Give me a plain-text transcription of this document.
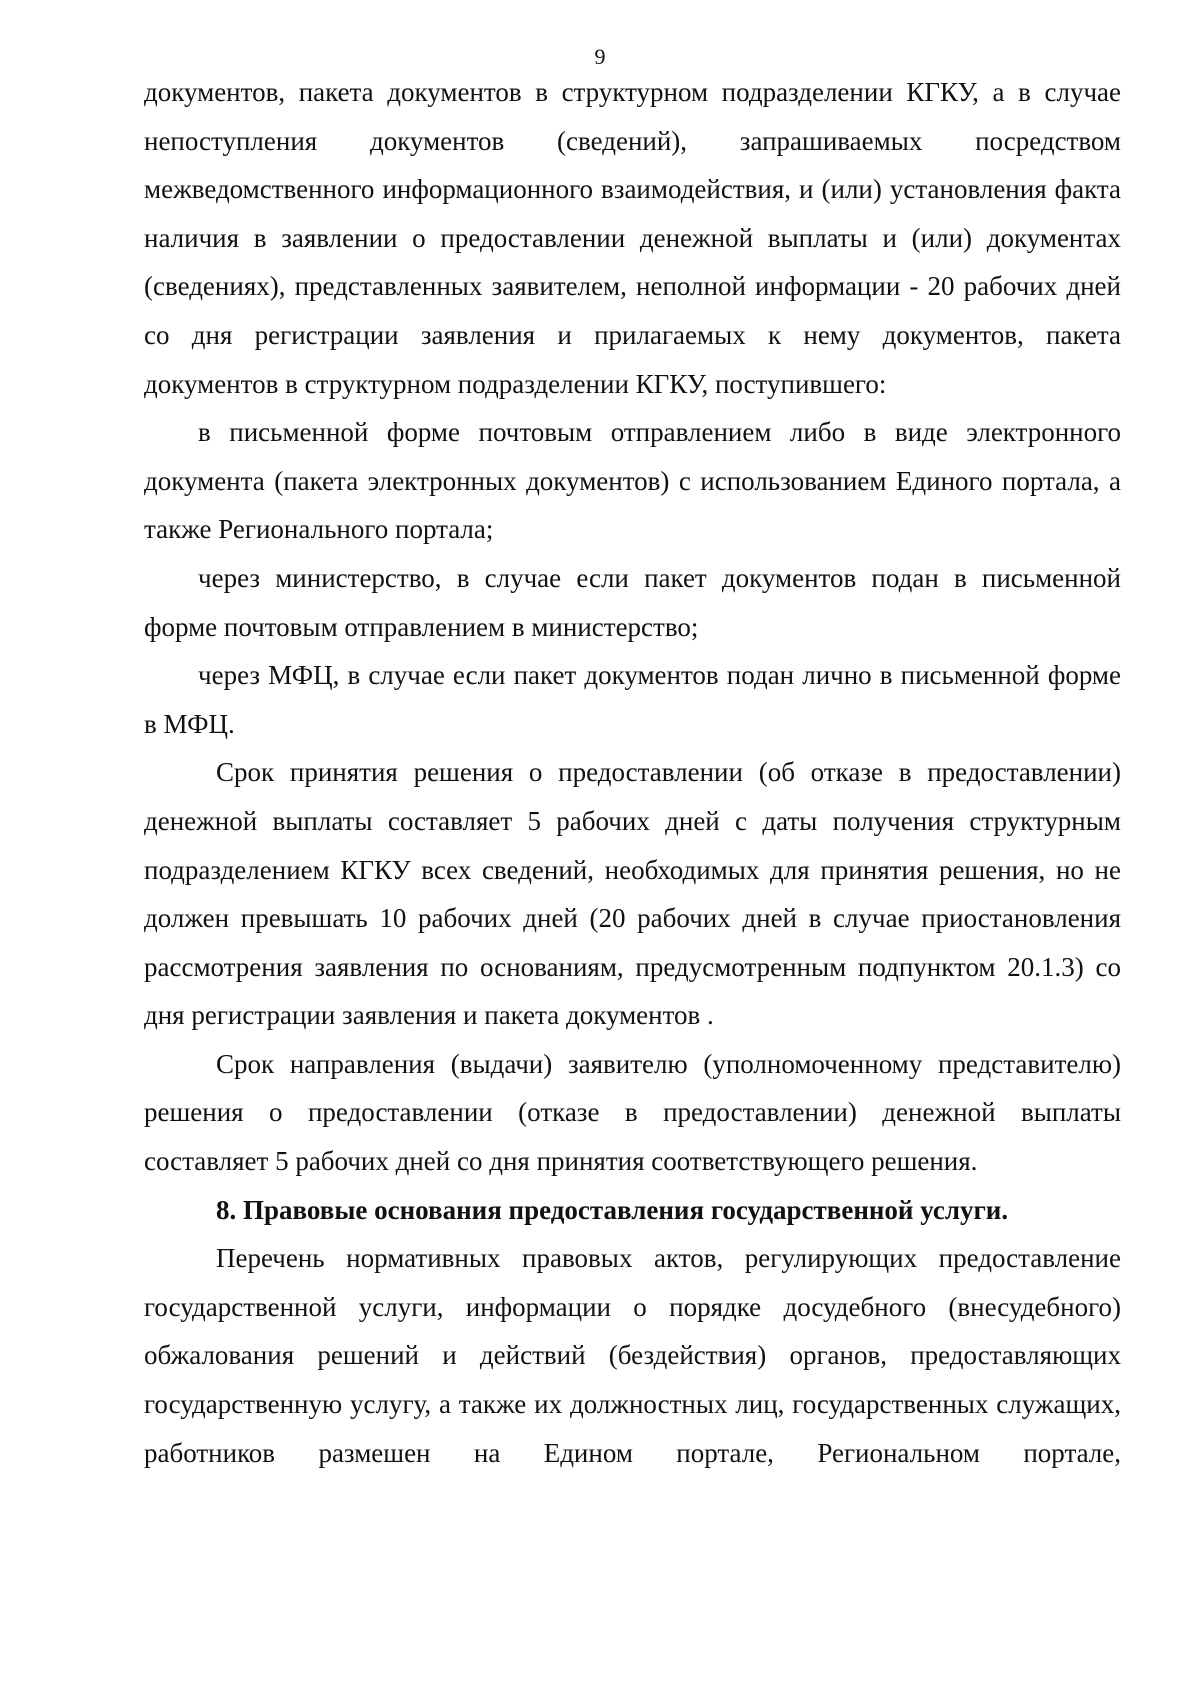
9

документов, пакета документов в структурном подразделении КГКУ, а в случае непоступления документов (сведений), запрашиваемых посредством межведомственного информационного взаимодействия, и (или) установления факта наличия в заявлении о предоставлении денежной выплаты и (или) документах (сведениях), представленных заявителем, неполной информации - 20 рабочих дней со дня регистрации заявления и прилагаемых к нему документов, пакета документов в структурном подразделении КГКУ, поступившего:

в письменной форме почтовым отправлением либо в виде электронного документа (пакета электронных документов) с использованием Единого портала, а также Регионального портала;

через министерство, в случае если пакет документов подан в письменной форме почтовым отправлением в министерство;

через МФЦ, в случае если пакет документов подан лично в письменной форме в МФЦ.

Срок принятия решения о предоставлении (об отказе в предоставлении) денежной выплаты составляет 5 рабочих дней с даты получения структурным подразделением КГКУ всех сведений, необходимых для принятия решения, но не должен превышать 10 рабочих дней (20 рабочих дней в случае приостановления рассмотрения заявления по основаниям, предусмотренным подпунктом 20.1.3) со дня регистрации заявления и пакета документов .

Срок направления (выдачи) заявителю (уполномоченному представителю) решения о предоставлении (отказе в предоставлении) денежной выплаты составляет 5 рабочих дней со дня принятия соответствующего решения.

8. Правовые основания предоставления государственной услуги.

Перечень нормативных правовых актов, регулирующих предоставление государственной услуги, информации о порядке досудебного (внесудебного) обжалования решений и действий (бездействия) органов, предоставляющих государственную услугу, а также их должностных лиц, государственных служащих, работников размешен на Едином портале, Региональном портале,
